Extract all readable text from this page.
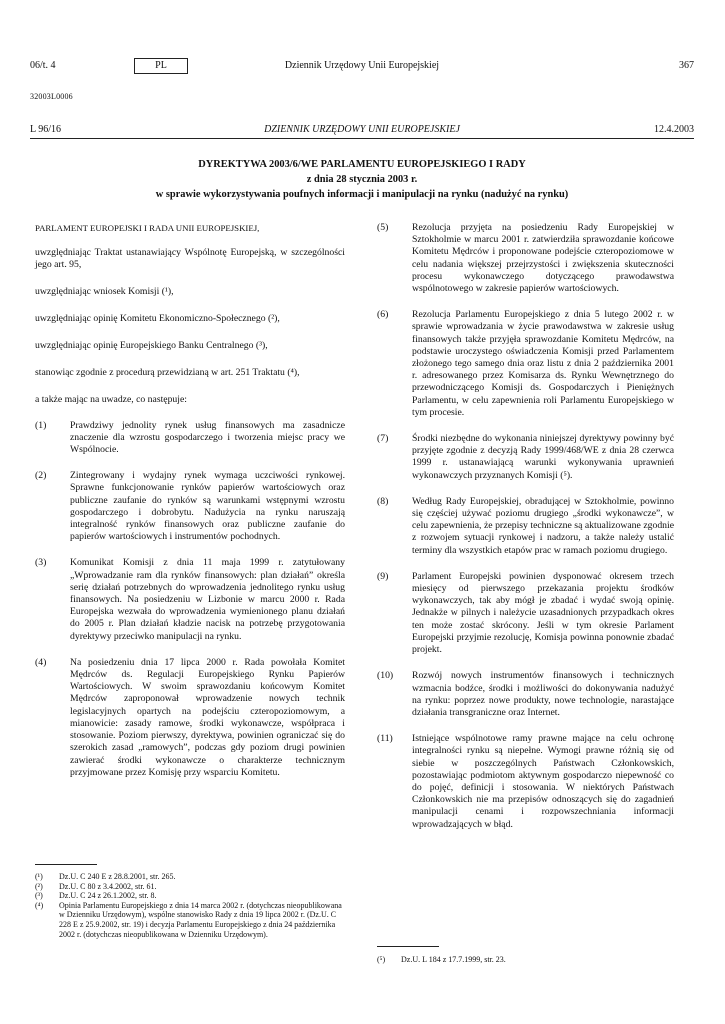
06/t. 4	PL	Dziennik Urzędowy Unii Europejskiej	367
32003L0006
L 96/16	DZIENNIK URZĘDOWY UNII EUROPEJSKIEJ	12.4.2003
DYREKTYWA 2003/6/WE PARLAMENTU EUROPEJSKIEGO I RADY
z dnia 28 stycznia 2003 r.
w sprawie wykorzystywania poufnych informacji i manipulacji na rynku (nadużyć na rynku)

PARLAMENT EUROPEJSKI I RADA UNII EUROPEJSKIEJ,

uwzględniając Traktat ustanawiający Wspólnotę Europejską, w szczególności jego art. 95,

uwzględniając wniosek Komisji (¹),

uwzględniając opinię Komitetu Ekonomiczno-Społecznego (²),

uwzględniając opinię Europejskiego Banku Centralnego (³),

stanowiąc zgodnie z procedurą przewidzianą w art. 251 Traktatu (⁴),

a także mając na uwadze, co następuje:

(1) Prawdziwy jednolity rynek usług finansowych ma zasadnicze znaczenie dla wzrostu gospodarczego i tworzenia miejsc pracy we Wspólnocie.

(2) Zintegrowany i wydajny rynek wymaga uczciwości rynkowej. Sprawne funkcjonowanie rynków papierów wartościowych oraz publiczne zaufanie do rynków są warunkami wstępnymi wzrostu gospodarczego i dobrobytu. Nadużycia na rynku naruszają integralność rynków finansowych oraz publiczne zaufanie do papierów wartościowych i instrumentów pochodnych.

(3) Komunikat Komisji z dnia 11 maja 1999 r. zatytułowany „Wprowadzanie ram dla rynków finansowych: plan działań” określa serię działań potrzebnych do wprowadzenia jednolitego rynku usług finansowych. Na posiedzeniu w Lizbonie w marcu 2000 r. Rada Europejska wezwała do wprowadzenia wymienionego planu działań do 2005 r. Plan działań kładzie nacisk na potrzebę przygotowania dyrektywy przeciwko manipulacji na rynku.

(4) Na posiedzeniu dnia 17 lipca 2000 r. Rada powołała Komitet Mędrców ds. Regulacji Europejskiego Rynku Papierów Wartościowych. W swoim sprawozdaniu końcowym Komitet Mędrców zaproponował wprowadzenie nowych technik legislacyjnych opartych na podejściu czteropoziomowym, a mianowicie: zasady ramowe, środki wykonawcze, współpraca i stosowanie. Poziom pierwszy, dyrektywa, powinien ograniczać się do szerokich zasad „ramowych”, podczas gdy poziom drugi powinien zawierać środki wykonawcze o charakterze technicznym przyjmowane przez Komisję przy wsparciu Komitetu.

(¹) Dz.U. C 240 E z 28.8.2001, str. 265.
(²) Dz.U. C 80 z 3.4.2002, str. 61.
(³) Dz.U. C 24 z 26.1.2002, str. 8.
(⁴) Opinia Parlamentu Europejskiego z dnia 14 marca 2002 r. (dotychczas nieopublikowana w Dzienniku Urzędowym), wspólne stanowisko Rady z dnia 19 lipca 2002 r. (Dz.U. C 228 E z 25.9.2002, str. 19) i decyzja Parlamentu Europejskiego z dnia 24 października 2002 r. (dotychczas nieopublikowana w Dzienniku Urzędowym).
(5) Rezolucja przyjęta na posiedzeniu Rady Europejskiej w Sztokholmie w marcu 2001 r. zatwierdziła sprawozdanie końcowe Komitetu Mędrców i proponowane podejście czteropoziomowe w celu nadania większej przejrzystości i zwiększenia skuteczności procesu wykonawczego dotyczącego prawodawstwa wspólnotowego w zakresie papierów wartościowych.

(6) Rezolucja Parlamentu Europejskiego z dnia 5 lutego 2002 r. w sprawie wprowadzania w życie prawodawstwa w zakresie usług finansowych także przyjęła sprawozdanie Komitetu Mędrców, na podstawie uroczystego oświadczenia Komisji przed Parlamentem złożonego tego samego dnia oraz listu z dnia 2 października 2001 r. adresowanego przez Komisarza ds. Rynku Wewnętrznego do przewodniczącego Komisji ds. Gospodarczych i Pieniężnych Parlamentu, w celu zapewnienia roli Parlamentu Europejskiego w tym procesie.

(7) Środki niezbędne do wykonania niniejszej dyrektywy powinny być przyjęte zgodnie z decyzją Rady 1999/468/WE z dnia 28 czerwca 1999 r. ustanawiającą warunki wykonywania uprawnień wykonawczych przyznanych Komisji (⁵).

(8) Według Rady Europejskiej, obradującej w Sztokholmie, powinno się częściej używać poziomu drugiego „środki wykonawcze”, w celu zapewnienia, że przepisy techniczne są aktualizowane zgodnie z rozwojem sytuacji rynkowej i nadzoru, a także należy ustalić terminy dla wszystkich etapów prac w ramach poziomu drugiego.

(9) Parlament Europejski powinien dysponować okresem trzech miesięcy od pierwszego przekazania projektu środków wykonawczych, tak aby mógł je zbadać i wydać swoją opinię. Jednakże w pilnych i należycie uzasadnionych przypadkach okres ten może zostać skrócony. Jeśli w tym okresie Parlament Europejski przyjmie rezolucję, Komisja powinna ponownie zbadać projekt.

(10) Rozwój nowych instrumentów finansowych i technicznych wzmacnia bodźce, środki i możliwości do dokonywania nadużyć na rynku: poprzez nowe produkty, nowe technologie, narastające działania transgraniczne oraz Internet.

(11) Istniejące wspólnotowe ramy prawne mające na celu ochronę integralności rynku są niepełne. Wymogi prawne różnią się od siebie w poszczególnych Państwach Członkowskich, pozostawiając podmiotom aktywnym gospodarczo niepewność co do pojęć, definicji i stosowania. W niektórych Państwach Członkowskich nie ma przepisów odnoszących się do zagadnień manipulacji cenami i rozpowszechniania informacji wprowadzających w błąd.

(⁵) Dz.U. L 184 z 17.7.1999, str. 23.
